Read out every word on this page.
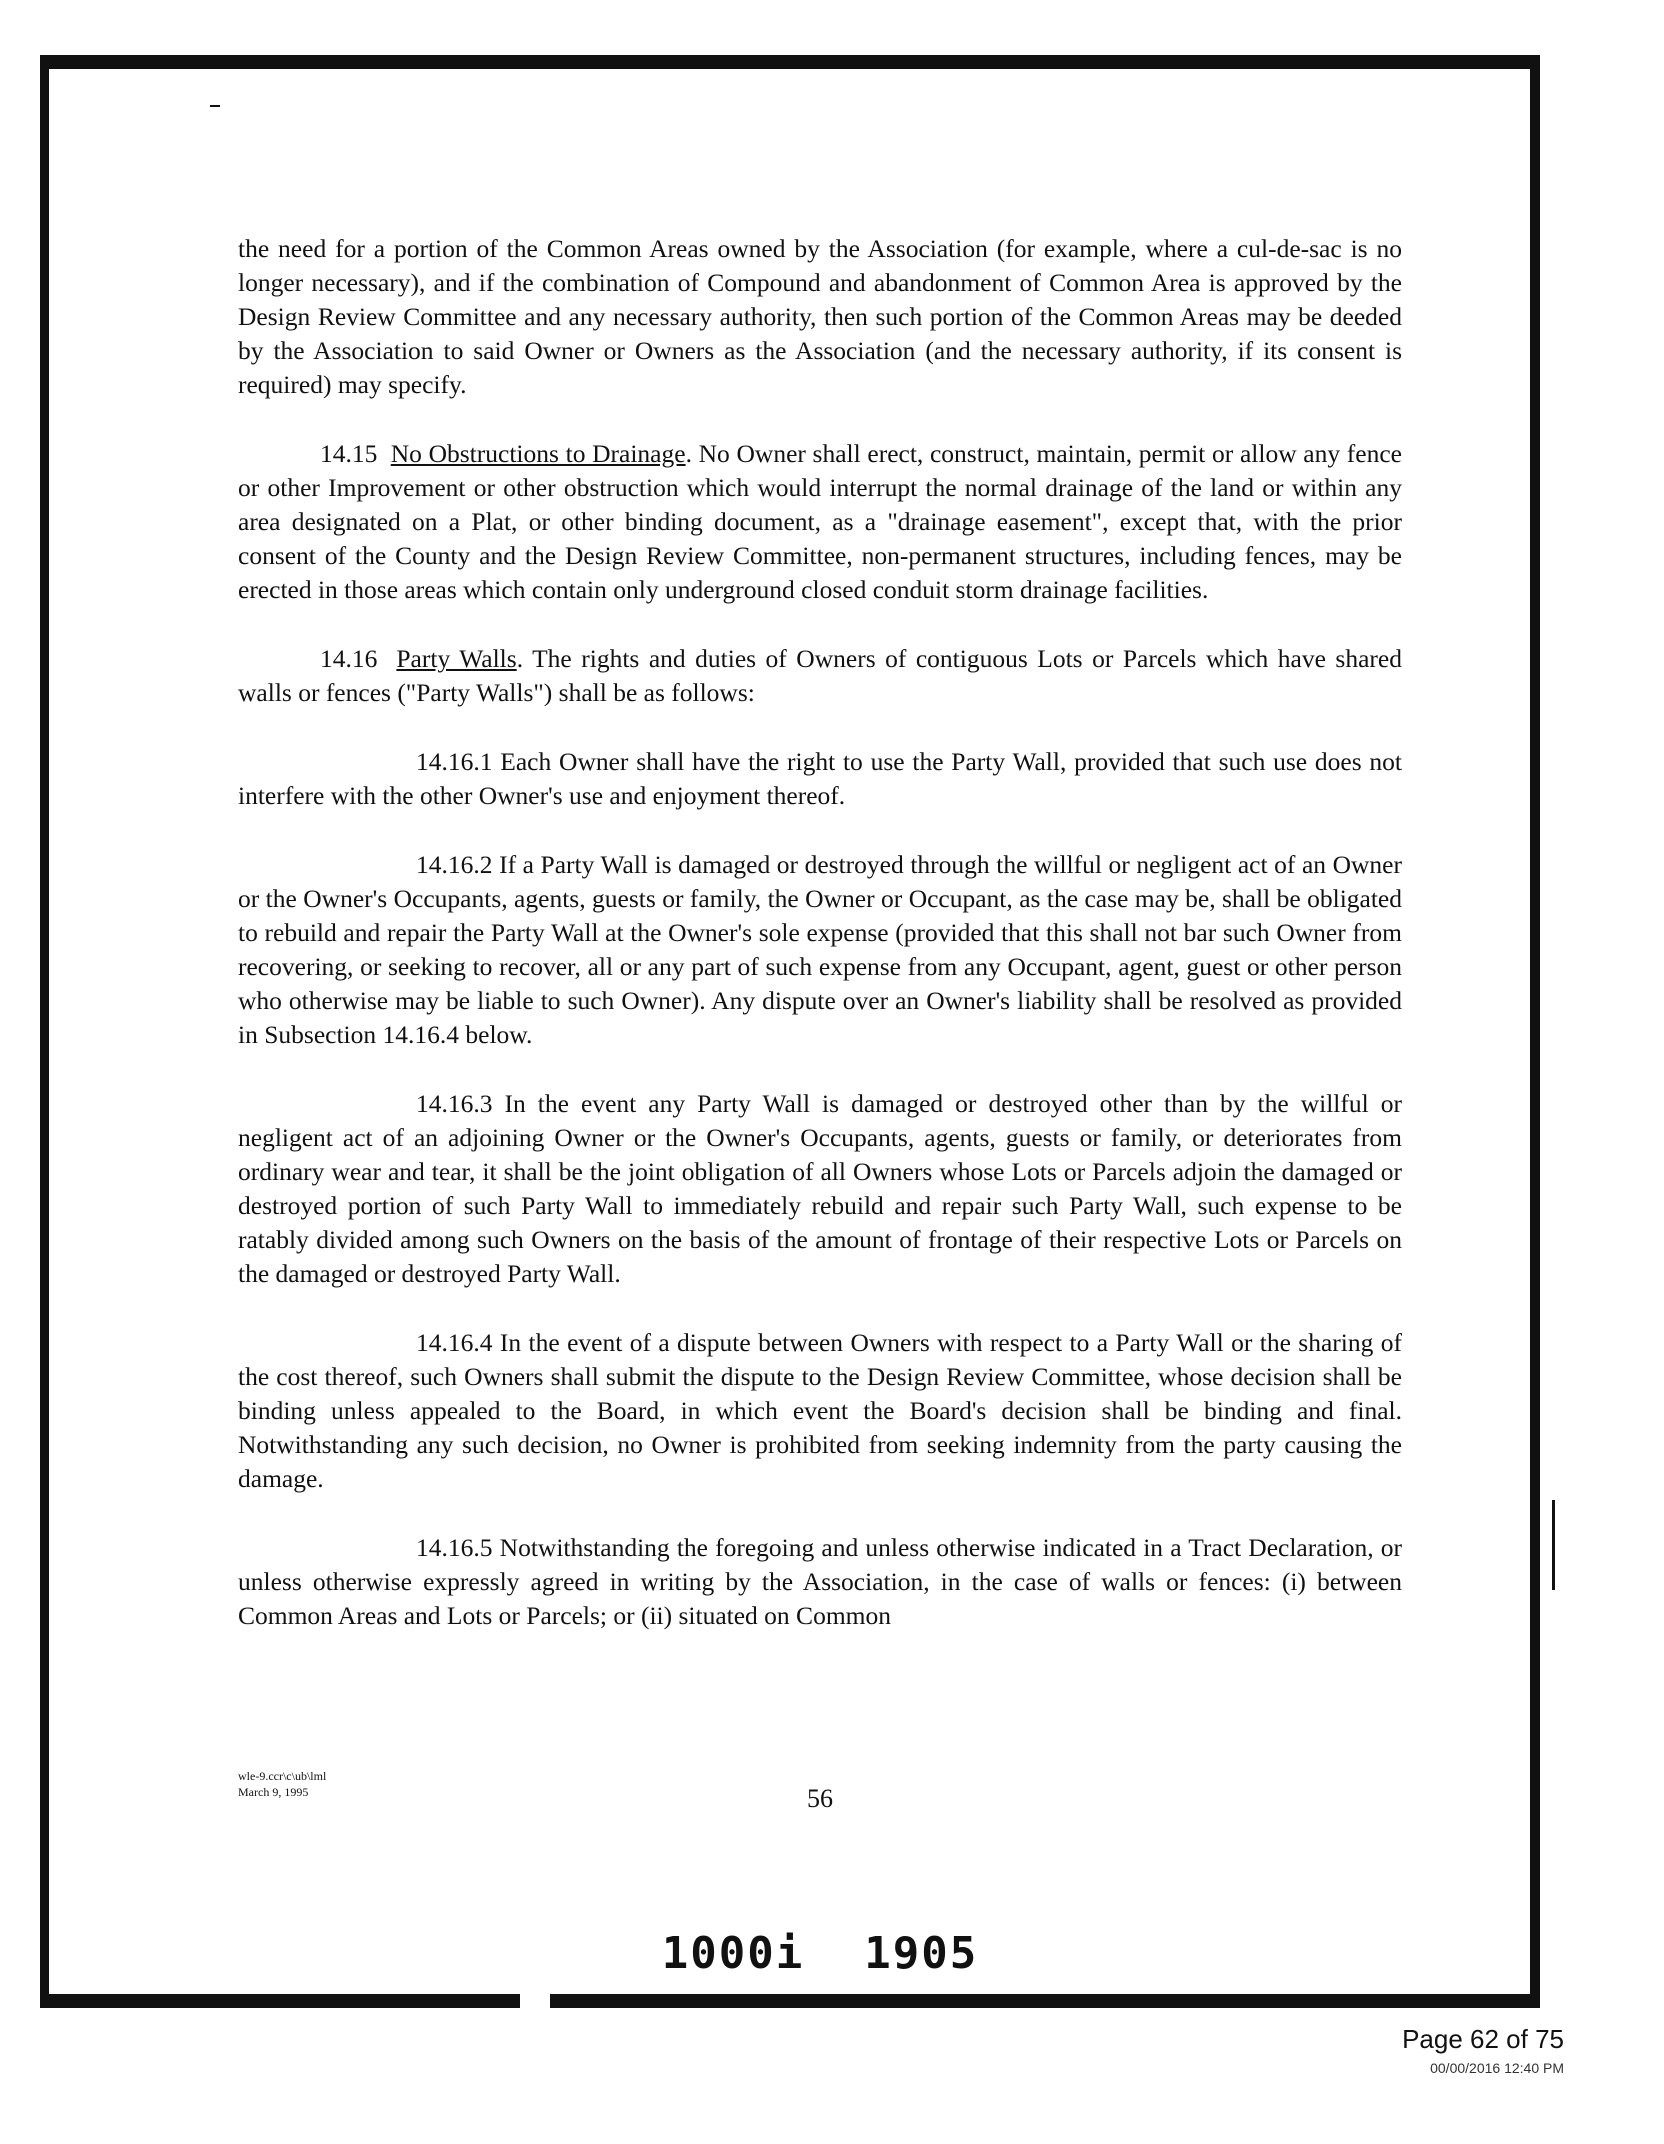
the need for a portion of the Common Areas owned by the Association (for example, where a cul-de-sac is no longer necessary), and if the combination of Compound and abandonment of Common Area is approved by the Design Review Committee and any necessary authority, then such portion of the Common Areas may be deeded by the Association to said Owner or Owners as the Association (and the necessary authority, if its consent is required) may specify.

14.15 No Obstructions to Drainage. No Owner shall erect, construct, maintain, permit or allow any fence or other Improvement or other obstruction which would interrupt the normal drainage of the land or within any area designated on a Plat, or other binding document, as a "drainage easement", except that, with the prior consent of the County and the Design Review Committee, non-permanent structures, including fences, may be erected in those areas which contain only underground closed conduit storm drainage facilities.

14.16 Party Walls. The rights and duties of Owners of contiguous Lots or Parcels which have shared walls or fences ("Party Walls") shall be as follows:

14.16.1 Each Owner shall have the right to use the Party Wall, provided that such use does not interfere with the other Owner's use and enjoyment thereof.

14.16.2 If a Party Wall is damaged or destroyed through the willful or negligent act of an Owner or the Owner's Occupants, agents, guests or family, the Owner or Occupant, as the case may be, shall be obligated to rebuild and repair the Party Wall at the Owner's sole expense (provided that this shall not bar such Owner from recovering, or seeking to recover, all or any part of such expense from any Occupant, agent, guest or other person who otherwise may be liable to such Owner). Any dispute over an Owner's liability shall be resolved as provided in Subsection 14.16.4 below.

14.16.3 In the event any Party Wall is damaged or destroyed other than by the willful or negligent act of an adjoining Owner or the Owner's Occupants, agents, guests or family, or deteriorates from ordinary wear and tear, it shall be the joint obligation of all Owners whose Lots or Parcels adjoin the damaged or destroyed portion of such Party Wall to immediately rebuild and repair such Party Wall, such expense to be ratably divided among such Owners on the basis of the amount of frontage of their respective Lots or Parcels on the damaged or destroyed Party Wall.

14.16.4 In the event of a dispute between Owners with respect to a Party Wall or the sharing of the cost thereof, such Owners shall submit the dispute to the Design Review Committee, whose decision shall be binding unless appealed to the Board, in which event the Board's decision shall be binding and final. Notwithstanding any such decision, no Owner is prohibited from seeking indemnity from the party causing the damage.

14.16.5 Notwithstanding the foregoing and unless otherwise indicated in a Tract Declaration, or unless otherwise expressly agreed in writing by the Association, in the case of walls or fences: (i) between Common Areas and Lots or Parcels; or (ii) situated on Common

wle-9.ccr\c\ub\lml
March 9, 1995	56
1000i 1905
Page 62 of 75
00/00/2016 12:40 PM
